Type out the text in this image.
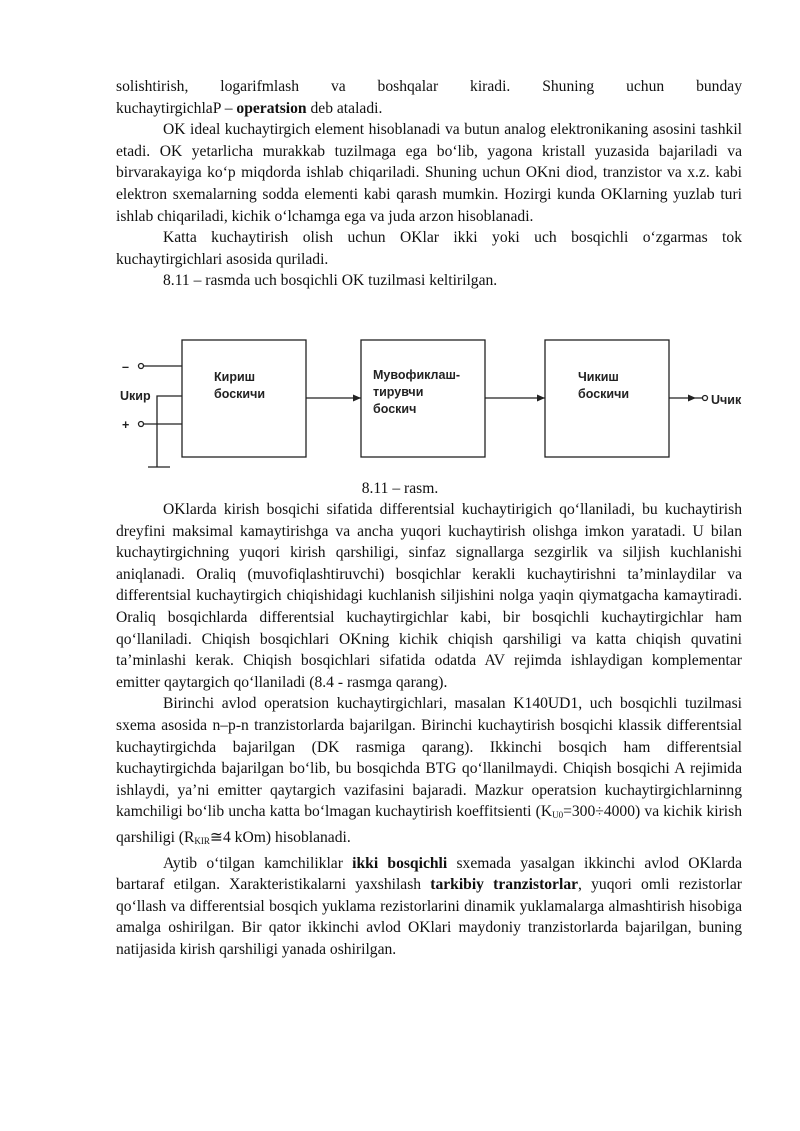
solishtirish, logarifmlash va boshqalar kiradi. Shuning uchun bunday

kuchaytirgichlaP – operatsion deb ataladi.

OK ideal kuchaytirgich element hisoblanadi va butun analog elektronikaning asosini tashkil etadi. OK yetarlicha murakkab tuzilmaga ega bo‘lib, yagona kristall yuzasida bajariladi va birvarakayiga ko‘p miqdorda ishlab chiqariladi. Shuning uchun OKni diod, tranzistor va x.z. kabi elektron sxemalarning sodda elementi kabi qarash mumkin. Hozirgi kunda OKlarning yuzlab turi ishlab chiqariladi, kichik o‘lchamga ega va juda arzon hisoblanadi.

Katta kuchaytirish olish uchun OKlar ikki yoki uch bosqichli o‘zgarmas tok kuchaytirgichlari asosida quriladi.

8.11 – rasmda uch bosqichli OK tuzilmasi keltirilgan.

–
Uкир
+
Uчик
Кириш
боскичи
Мувофиклаш-
тирувчи
боскич
Чикиш
боскичи
8.11 – rasm.

OKlarda kirish bosqichi sifatida differentsial kuchaytirigich qo‘llaniladi, bu kuchaytirish dreyfini maksimal kamaytirishga va ancha yuqori kuchaytirish olishga imkon yaratadi. U bilan kuchaytirgichning yuqori kirish qarshiligi, sinfaz signallarga sezgirlik va siljish kuchlanishi aniqlanadi. Oraliq (muvofiqlashtiruvchi) bosqichlar kerakli kuchaytirishni ta’minlaydilar va differentsial kuchaytirgich chiqishidagi kuchlanish siljishini nolga yaqin qiymatgacha kamaytiradi. Oraliq bosqichlarda differentsial kuchaytirgichlar kabi, bir bosqichli kuchaytirgichlar ham qo‘llaniladi. Chiqish bosqichlari OKning kichik chiqish qarshiligi va katta chiqish quvatini ta’minlashi kerak. Chiqish bosqichlari sifatida odatda AV rejimda ishlaydigan komplementar emitter qaytargich qo‘llaniladi (8.4 - rasmga qarang).

Birinchi avlod operatsion kuchaytirgichlari, masalan K140UD1, uch bosqichli tuzilmasi sxema asosida n–p-n tranzistorlarda bajarilgan. Birinchi kuchaytirish bosqichi klassik differentsial kuchaytirgichda bajarilgan (DK rasmiga qarang). Ikkinchi bosqich ham differentsial kuchaytirgichda bajarilgan bo‘lib, bu bosqichda BTG qo‘llanilmaydi. Chiqish bosqichi A rejimida ishlaydi, ya’ni emitter qaytargich vazifasini bajaradi. Mazkur operatsion kuchaytirgichlarninng kamchiligi bo‘lib uncha katta bo‘lmagan kuchaytirish koeffitsienti $(K_{U0}=300\div 4000)$ va kichik kirish qarshiligi ($R_{KIR}≅4$ kOm) hisoblanadi.

Aytib o‘tilgan kamchiliklar ikki bosqichli sxemada yasalgan ikkinchi avlod OKlarda bartaraf etilgan. Xarakteristikalarni yaxshilash tarkibiy tranzistorlar, yuqori omli rezistorlar qo‘llash va differentsial bosqich yuklama rezistorlarini dinamik yuklamalarga almashtirish hisobiga amalga oshirilgan. Bir qator ikkinchi avlod OKlari maydoniy tranzistorlarda bajarilgan, buning natijasida kirish qarshiligi yanada oshirilgan.
